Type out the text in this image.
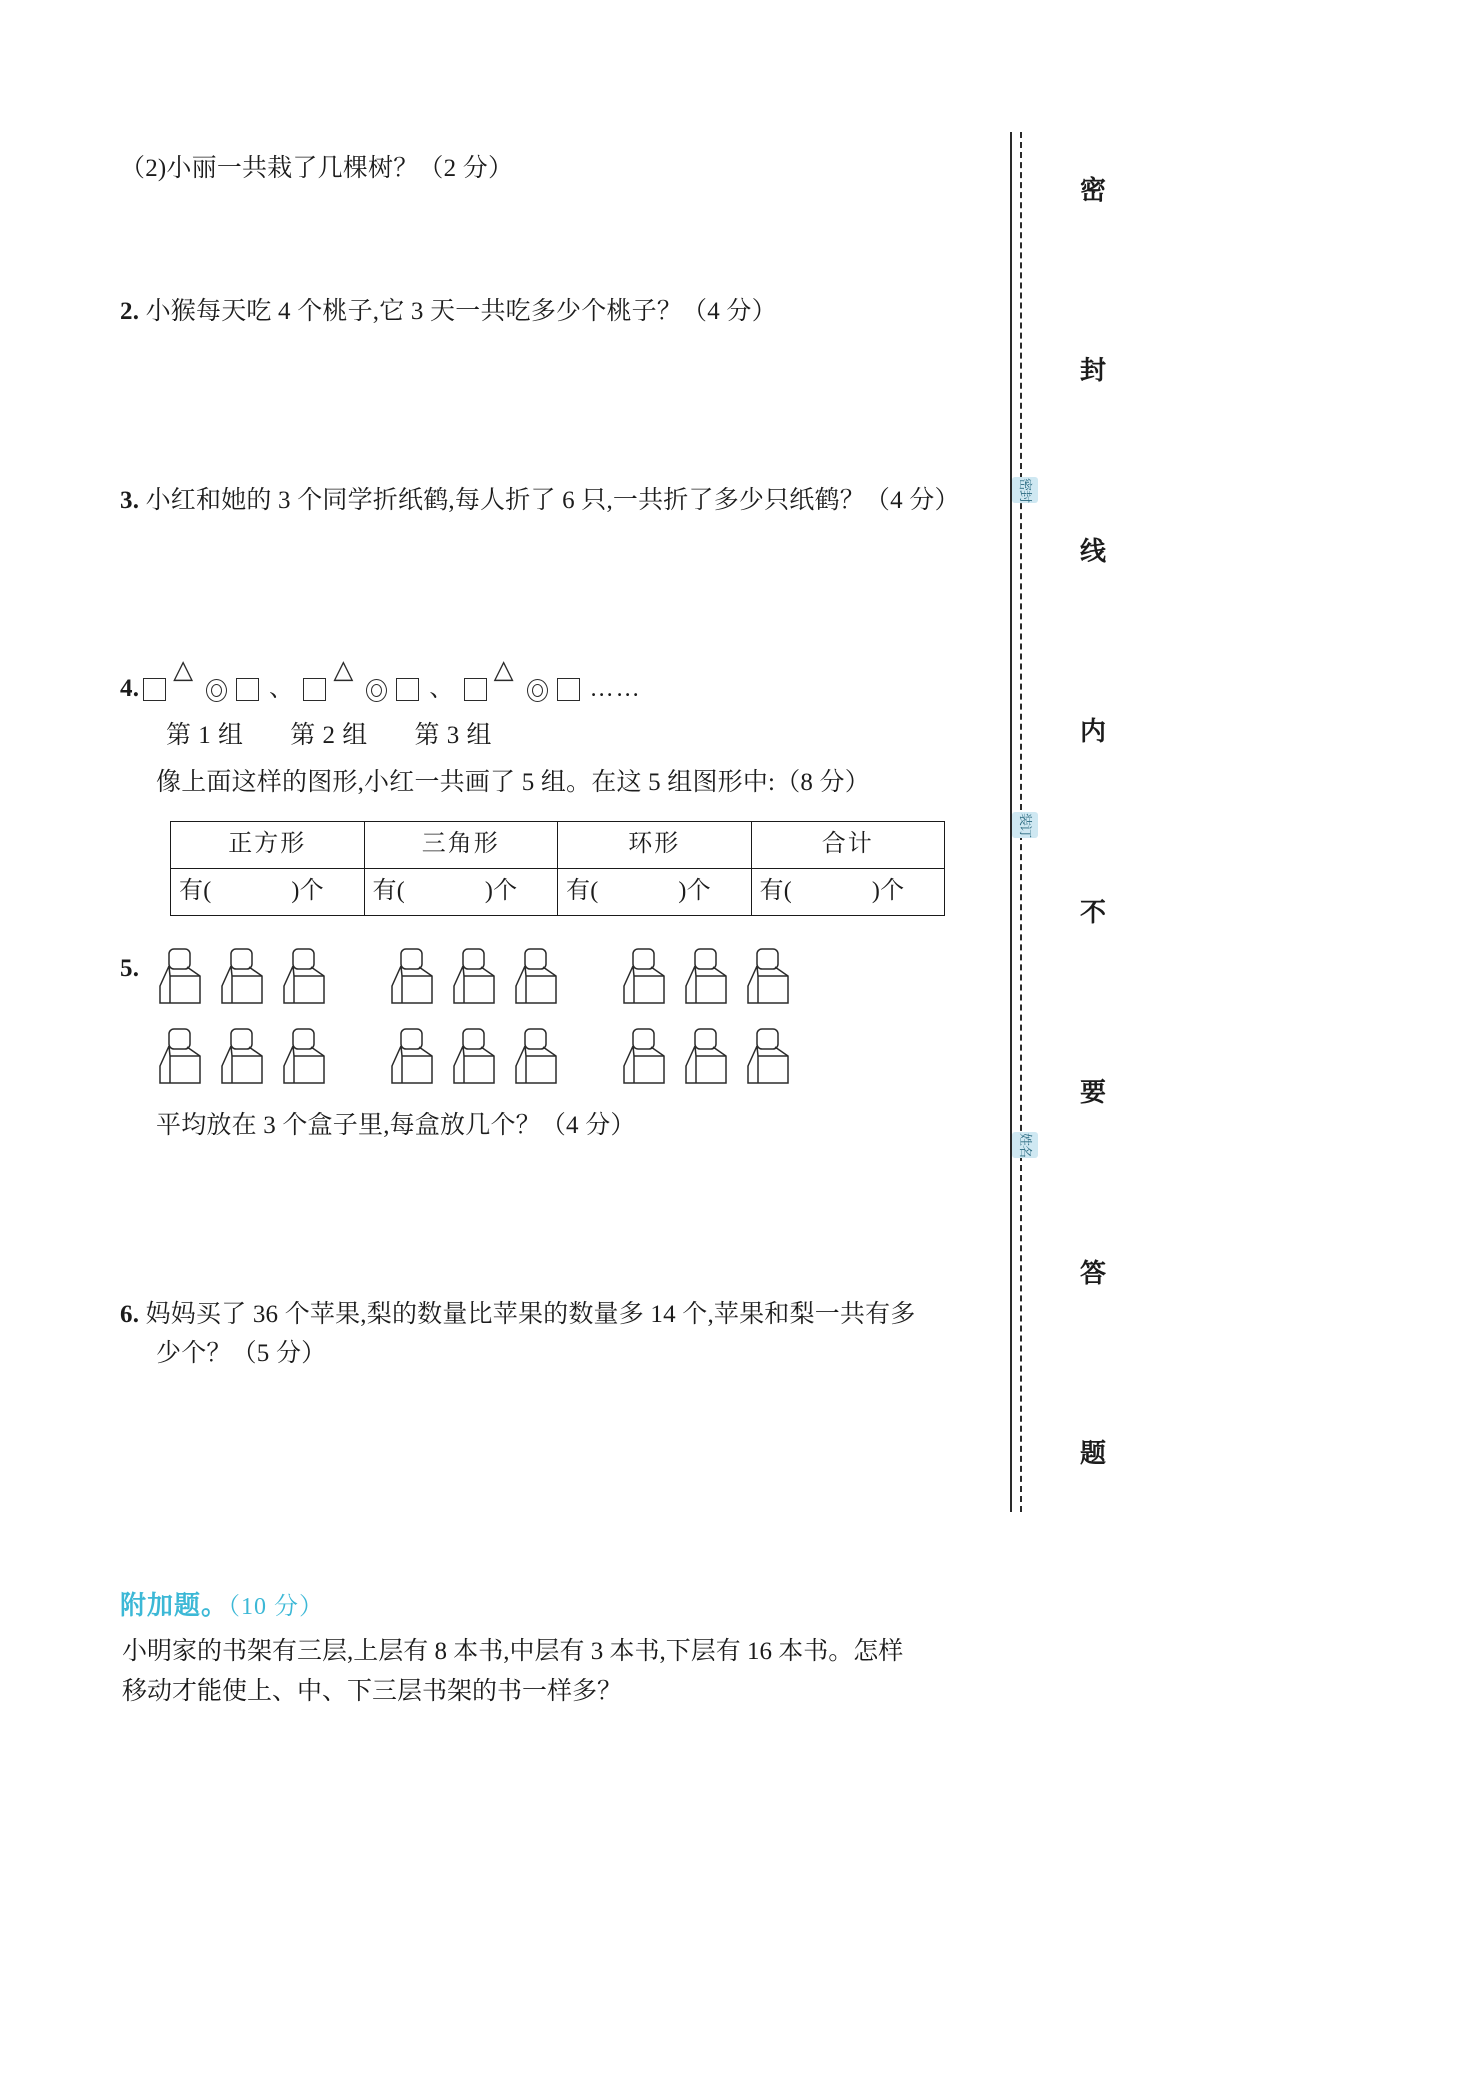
（2)小丽一共栽了几棵树？（2 分）
2. 小猴每天吃 4 个桃子,它 3 天一共吃多少个桃子？（4 分）
3. 小红和她的 3 个同学折纸鹤,每人折了 6 只,一共折了多少只纸鹤？（4 分）
4. △	、 △	、 △	……
第 1 组 第 2 组 第 3 组
像上面这样的图形,小红一共画了 5 组。在这 5 组图形中:（8 分）
正方形	三角形	环形	合计
有( )个	有( )个	有( )个	有( )个
5.
平均放在 3 个盒子里,每盒放几个？（4 分）
6. 妈妈买了 36 个苹果,梨的数量比苹果的数量多 14 个,苹果和梨一共有多
少个？（5 分）
附加题。（10 分）
小明家的书架有三层,上层有 8 本书,中层有 3 本书,下层有 16 本书。怎样
移动才能使上、中、下三层书架的书一样多？
密封
装订
姓名
密
封
线
内
不
要
答
题
